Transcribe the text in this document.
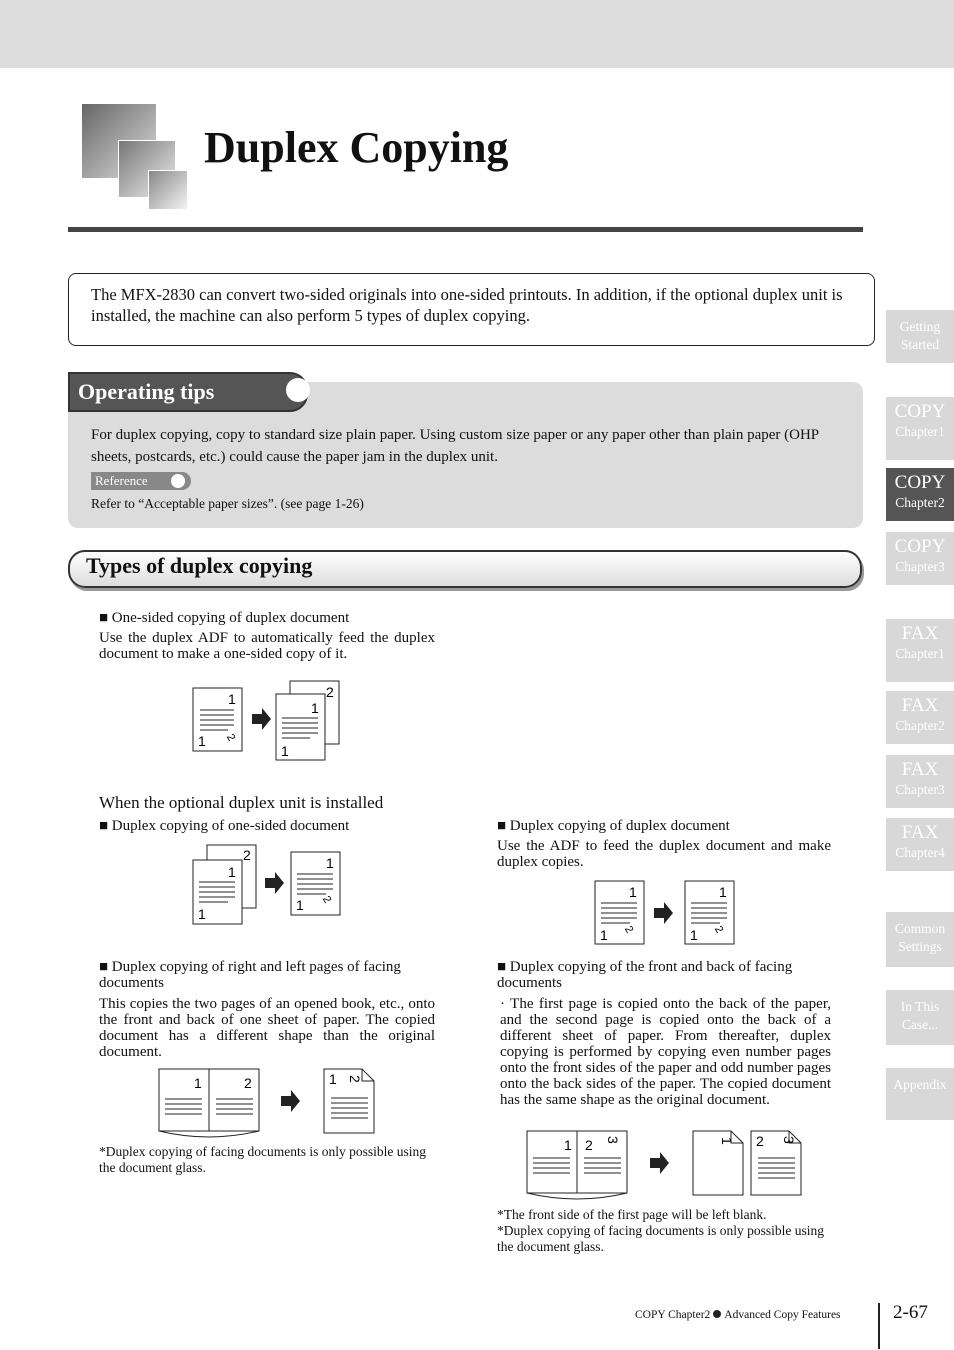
Duplex Copying
The MFX-2830 can convert two-sided originals into one-sided printouts. In addition, if the optional duplex unit is installed, the machine can also perform 5 types of duplex copying.
Operating tips
For duplex copying, copy to standard size plain paper. Using custom size paper or any paper other than plain paper (OHP sheets, postcards, etc.) could cause the paper jam in the duplex unit.
Reference
Refer to “Acceptable paper sizes”. (see page 1-26)
Types of duplex copying
■ One-sided copying of duplex document
Use the duplex ADF to automatically feed the duplex document to make a one-sided copy of it.
1
1 2
2
1
1
When the optional duplex unit is installed
■ Duplex copying of one-sided document
2
1
1
1
1 2
■ Duplex copying of duplex document
Use the ADF to feed the duplex document and make duplex copies.
1
1 2
1
1 2
■ Duplex copying of right and left pages of facing documents
This copies the two pages of an opened book, etc., onto the front and back of one sheet of paper. The copied document has a different shape than the original document.
1	2	1 2
*Duplex copying of facing documents is only possible using the document glass.
■ Duplex copying of the front and back of facing documents
· The first page is copied onto the back of the paper, and the second page is copied onto the back of a different sheet of paper. From thereafter, duplex copying is performed by copying even number pages onto the front sides of the paper and odd number pages onto the back sides of the paper. The copied document has the same shape as the original document.
1 2 3	1 2 3
*The front side of the first page will be left blank.
*Duplex copying of facing documents is only possible using the document glass.
Getting Started
COPY
Chapter1
COPY
Chapter2
COPY
Chapter3
FAX
Chapter1
FAX
Chapter2
FAX
Chapter3
FAX
Chapter4
Common Settings
In This Case...
Appendix
COPY Chapter2 Advanced Copy Features	2-67
